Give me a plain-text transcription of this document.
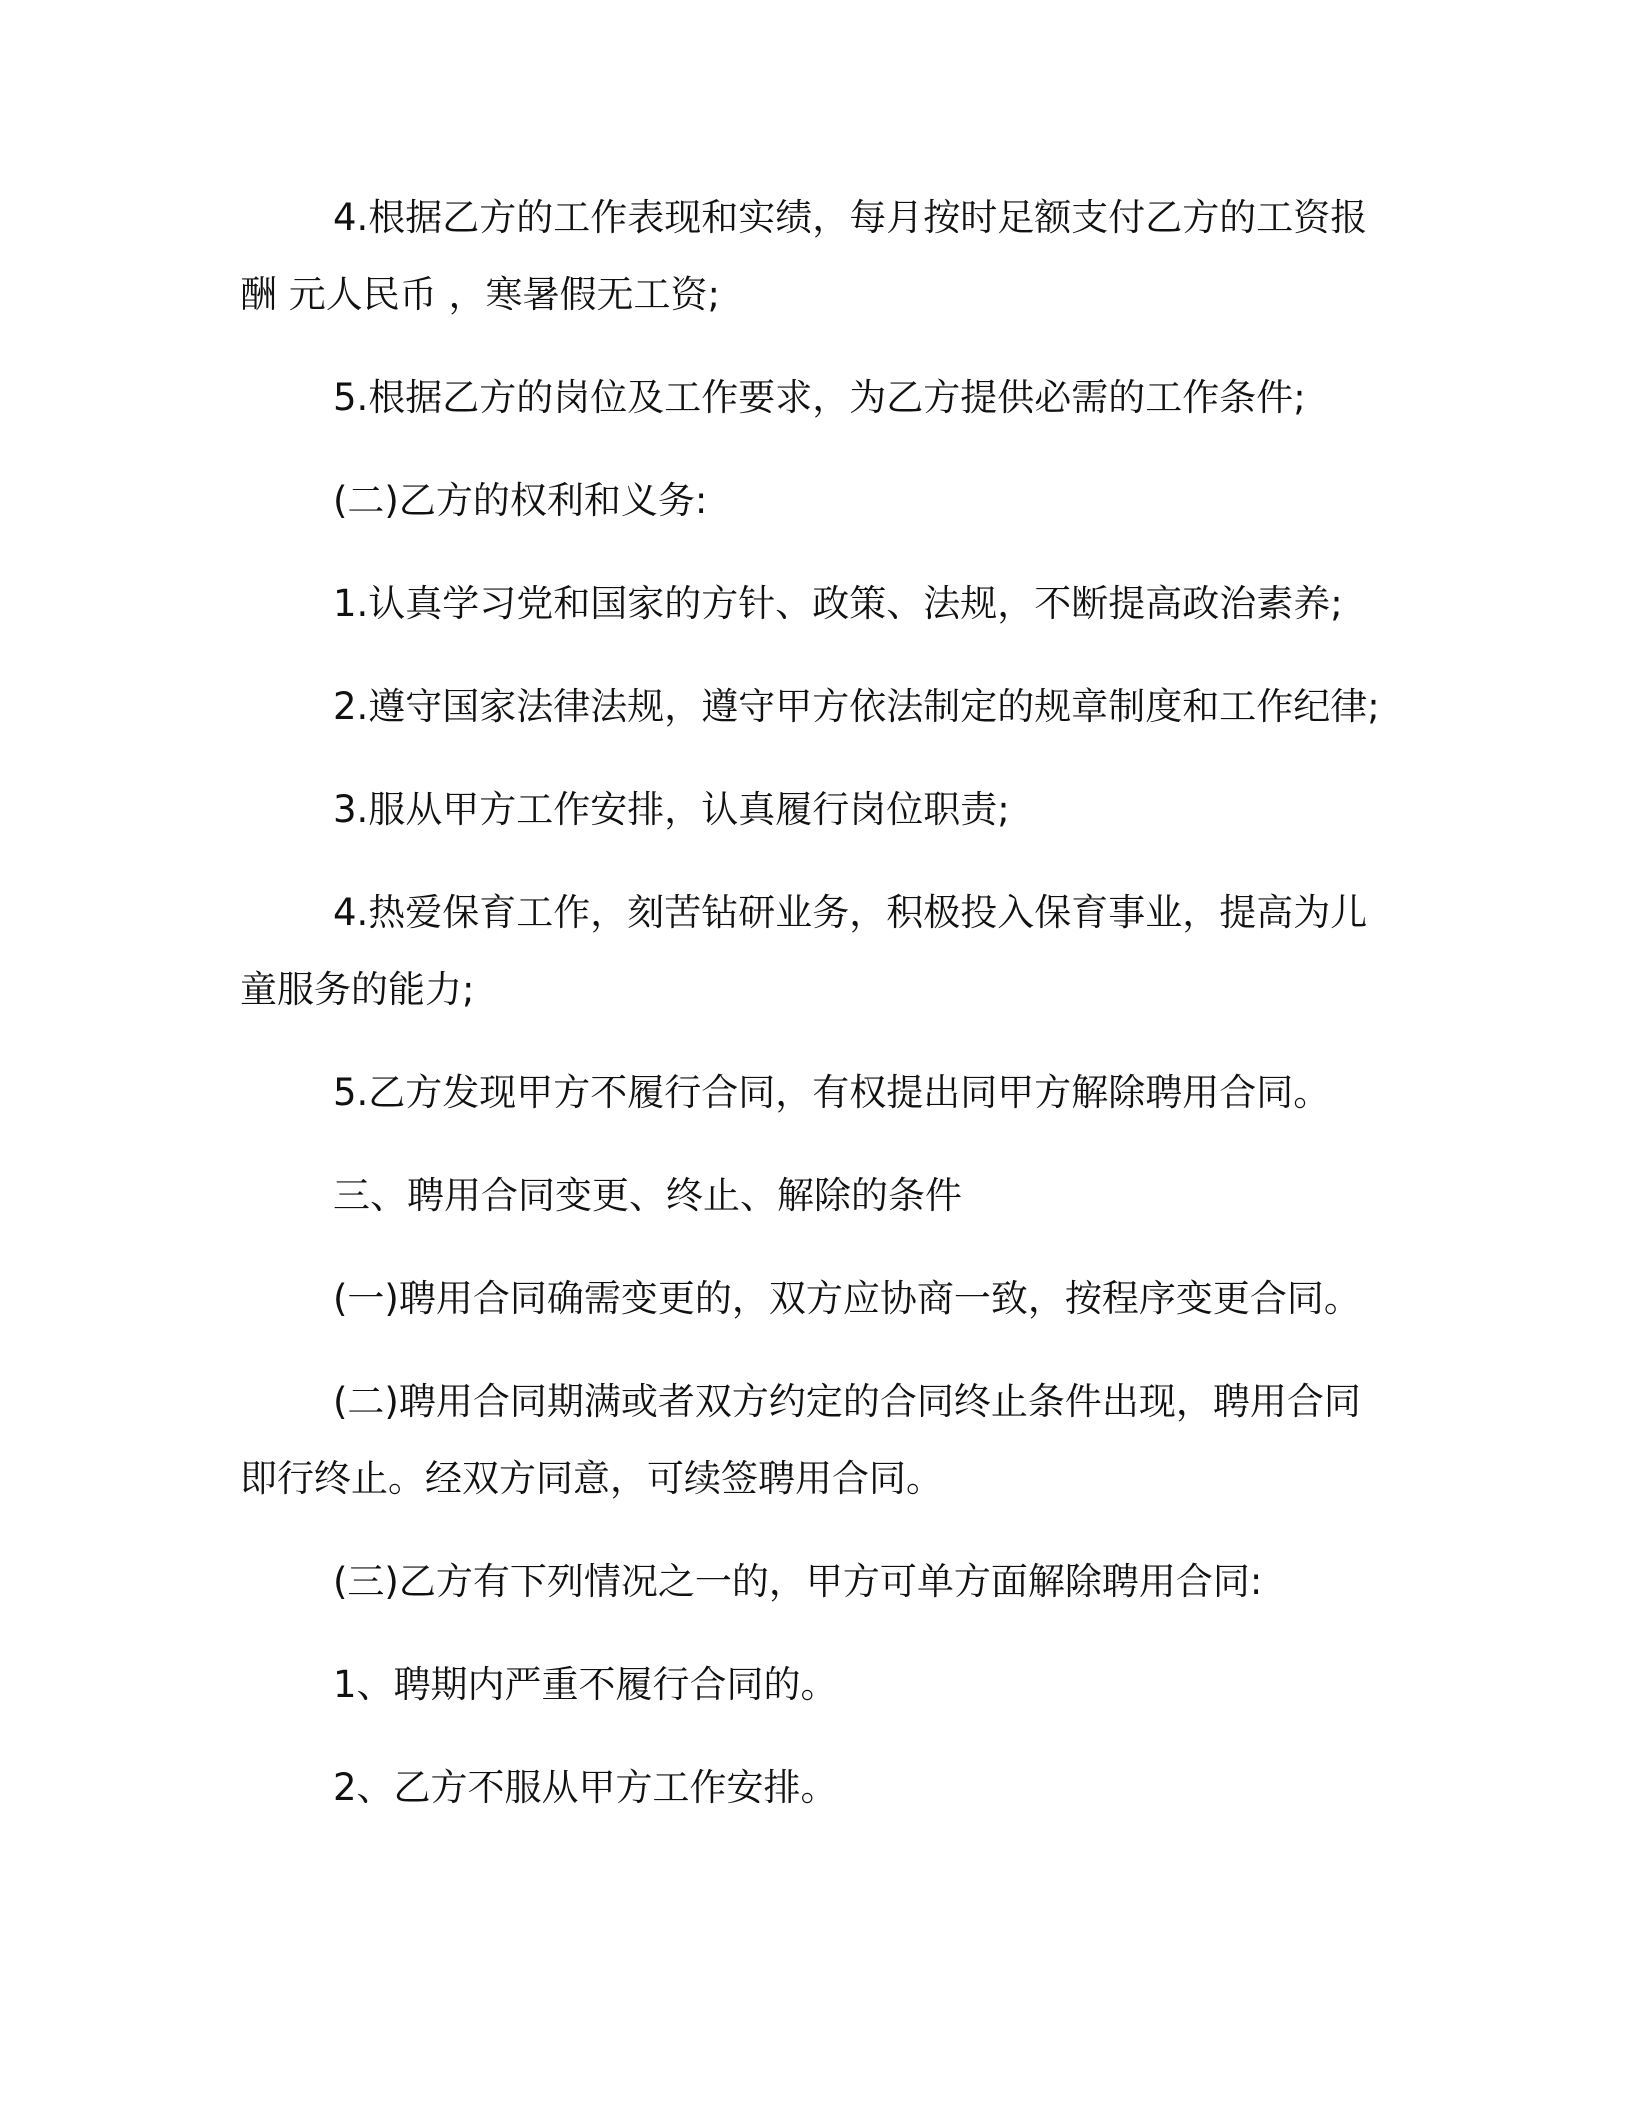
4.根据乙方的工作表现和实绩，每月按时足额支付乙方的工资报
酬 元人民币 ，寒暑假无工资;

5.根据乙方的岗位及工作要求，为乙方提供必需的工作条件;

(二)乙方的权利和义务:

1.认真学习党和国家的方针、政策、法规，不断提高政治素养;

2.遵守国家法律法规，遵守甲方依法制定的规章制度和工作纪律;

3.服从甲方工作安排，认真履行岗位职责;

4.热爱保育工作，刻苦钻研业务，积极投入保育事业，提高为儿
童服务的能力;

5.乙方发现甲方不履行合同，有权提出同甲方解除聘用合同。

三、聘用合同变更、终止、解除的条件

(一)聘用合同确需变更的，双方应协商一致，按程序变更合同。

(二)聘用合同期满或者双方约定的合同终止条件出现，聘用合同
即行终止。经双方同意，可续签聘用合同。

(三)乙方有下列情况之一的，甲方可单方面解除聘用合同:

1、聘期内严重不履行合同的。

2、乙方不服从甲方工作安排。
